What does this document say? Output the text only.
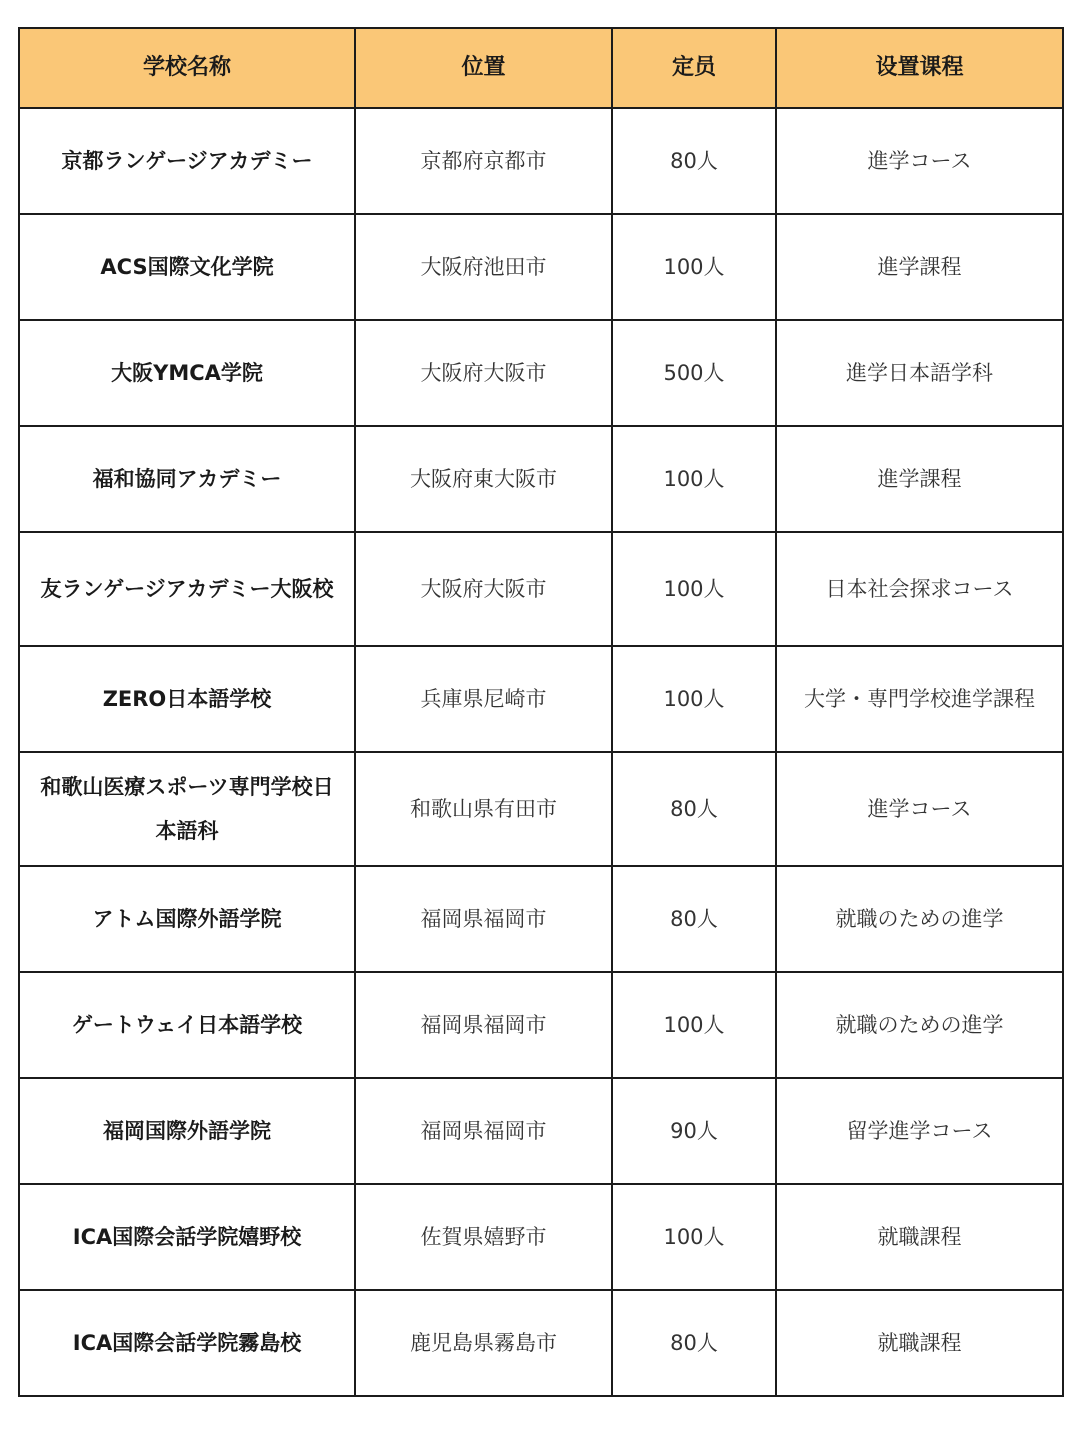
学校名称	位置	定员	设置课程
京都ランゲージアカデミー	京都府京都市	80人	進学コース
ACS国際文化学院	大阪府池田市	100人	進学課程
大阪YMCA学院	大阪府大阪市	500人	進学日本語学科
福和協同アカデミー	大阪府東大阪市	100人	進学課程
友ランゲージアカデミー大阪校	大阪府大阪市	100人	日本社会探求コース
ZERO日本語学校	兵庫県尼崎市	100人	大学・専門学校進学課程
和歌山医療スポーツ専門学校日本語科	和歌山県有田市	80人	進学コース
アトム国際外語学院	福岡県福岡市	80人	就職のための進学
ゲートウェイ日本語学校	福岡県福岡市	100人	就職のための進学
福岡国際外語学院	福岡県福岡市	90人	留学進学コース
ICA国際会話学院嬉野校	佐賀県嬉野市	100人	就職課程
ICA国際会話学院霧島校	鹿児島県霧島市	80人	就職課程
